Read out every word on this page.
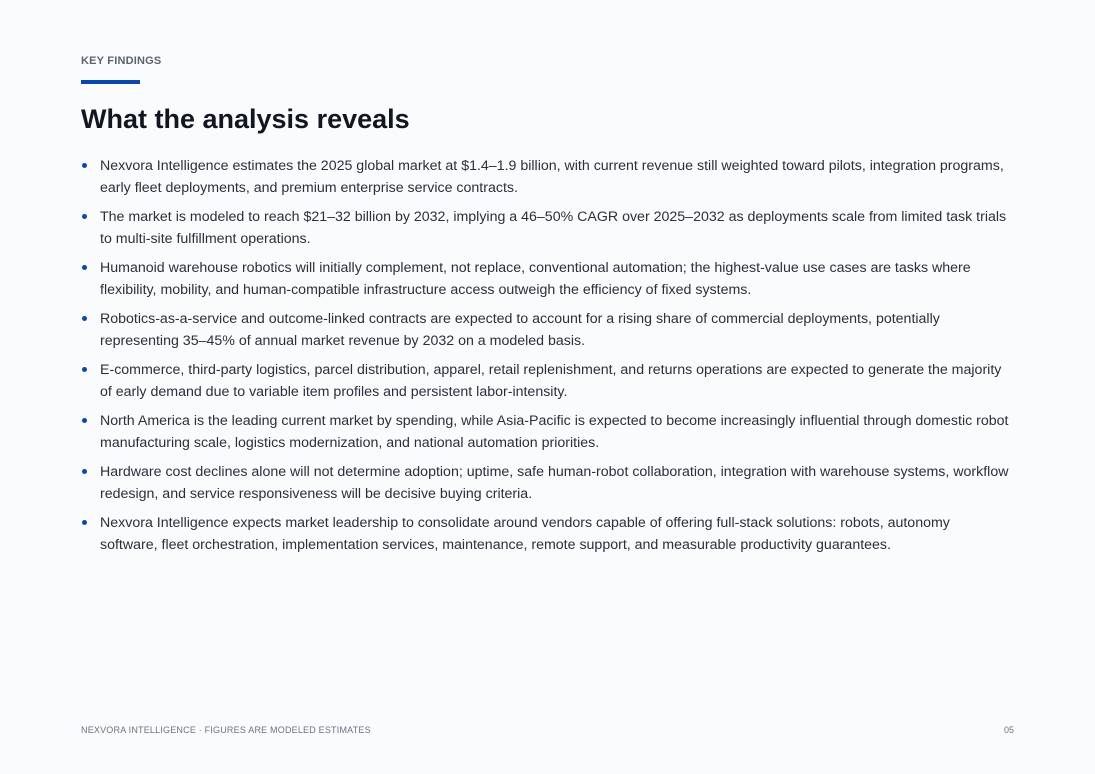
KEY FINDINGS
What the analysis reveals
Nexvora Intelligence estimates the 2025 global market at $1.4–1.9 billion, with current revenue still weighted toward pilots, integration programs, early fleet deployments, and premium enterprise service contracts.
The market is modeled to reach $21–32 billion by 2032, implying a 46–50% CAGR over 2025–2032 as deployments scale from limited task trials to multi-site fulfillment operations.
Humanoid warehouse robotics will initially complement, not replace, conventional automation; the highest-value use cases are tasks where flexibility, mobility, and human-compatible infrastructure access outweigh the efficiency of fixed systems.
Robotics-as-a-service and outcome-linked contracts are expected to account for a rising share of commercial deployments, potentially representing 35–45% of annual market revenue by 2032 on a modeled basis.
E-commerce, third-party logistics, parcel distribution, apparel, retail replenishment, and returns operations are expected to generate the majority of early demand due to variable item profiles and persistent labor-intensity.
North America is the leading current market by spending, while Asia-Pacific is expected to become increasingly influential through domestic robot manufacturing scale, logistics modernization, and national automation priorities.
Hardware cost declines alone will not determine adoption; uptime, safe human-robot collaboration, integration with warehouse systems, workflow redesign, and service responsiveness will be decisive buying criteria.
Nexvora Intelligence expects market leadership to consolidate around vendors capable of offering full-stack solutions: robots, autonomy software, fleet orchestration, implementation services, maintenance, remote support, and measurable productivity guarantees.
NEXVORA INTELLIGENCE · FIGURES ARE MODELED ESTIMATES	05
